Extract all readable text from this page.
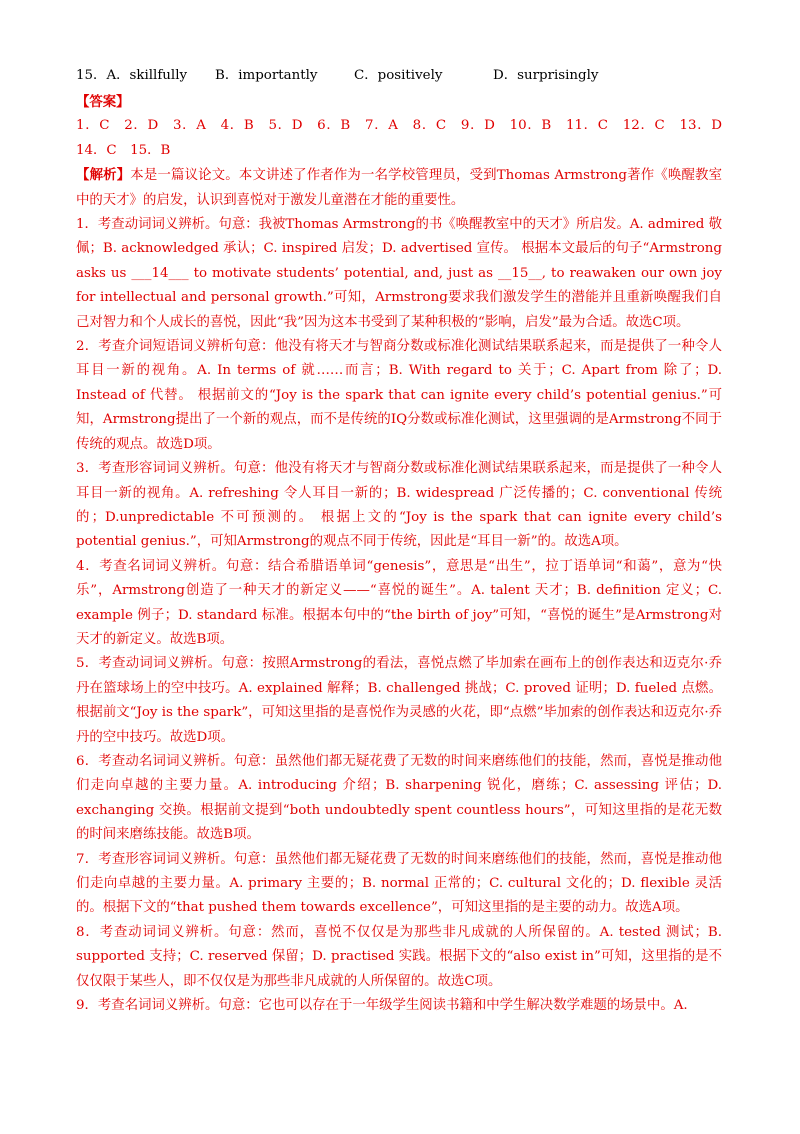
15．A．skillfully B．importantly	C．positively	D．surprisingly

【答案】

1．C　2．D　3．A　4．B　5．D　6．B　7．A　8．C　9．D　10．B　11．C　12．C　13．D　14．C　15．B

【解析】本是一篇议论文。本文讲述了作者作为一名学校管理员，受到Thomas Armstrong著作《唤醒教室中的天才》的启发，认识到喜悦对于激发儿童潜在才能的重要性。

1．考查动词词义辨析。句意：我被Thomas Armstrong的书《唤醒教室中的天才》所启发。A. admired 敬佩；B. acknowledged 承认；C. inspired 启发；D. advertised 宣传。 根据本文最后的句子“Armstrong asks us ___14___ to motivate students’ potential, and, just as __15__, to reawaken our own joy for intellectual and personal growth.”可知，Armstrong要求我们激发学生的潜能并且重新唤醒我们自己对智力和个人成长的喜悦，因此“我”因为这本书受到了某种积极的“影响，启发”最为合适。故选C项。

2．考查介词短语词义辨析句意：他没有将天才与智商分数或标准化测试结果联系起来，而是提供了一种令人耳目一新的视角。A. In terms of 就……而言；B. With regard to 关于；C. Apart from 除了；D. Instead of 代替。 根据前文的“Joy is the spark that can ignite every child’s potential genius.”可知，Armstrong提出了一个新的观点，而不是传统的IQ分数或标准化测试，这里强调的是Armstrong不同于传统的观点。故选D项。

3．考查形容词词义辨析。句意：他没有将天才与智商分数或标准化测试结果联系起来，而是提供了一种令人耳目一新的视角。A. refreshing 令人耳目一新的；B. widespread 广泛传播的；C. conventional 传统的；D.unpredictable 不可预测的。 根据上文的“Joy is the spark that can ignite every child’s potential genius.”，可知Armstrong的观点不同于传统，因此是“耳目一新”的。故选A项。

4．考查名词词义辨析。句意：结合希腊语单词“genesis”，意思是“出生”，拉丁语单词“和蔼”，意为“快乐”，Armstrong创造了一种天才的新定义——“喜悦的诞生”。A. talent 天才；B. definition 定义；C. example 例子；D. standard 标准。根据本句中的“the birth of joy”可知，“喜悦的诞生”是Armstrong对天才的新定义。故选B项。

5．考查动词词义辨析。句意：按照Armstrong的看法，喜悦点燃了毕加索在画布上的创作表达和迈克尔·乔丹在篮球场上的空中技巧。A. explained 解释；B. challenged 挑战；C. proved 证明；D. fueled 点燃。根据前文“Joy is the spark”，可知这里指的是喜悦作为灵感的火花，即“点燃”毕加索的创作表达和迈克尔·乔丹的空中技巧。故选D项。

6．考查动名词词义辨析。句意：虽然他们都无疑花费了无数的时间来磨练他们的技能，然而，喜悦是推动他们走向卓越的主要力量。A. introducing 介绍；B. sharpening 锐化，磨练；C. assessing 评估；D. exchanging 交换。根据前文提到“both undoubtedly spent countless hours”，可知这里指的是花无数的时间来磨练技能。故选B项。

7．考查形容词词义辨析。句意：虽然他们都无疑花费了无数的时间来磨练他们的技能，然而，喜悦是推动他们走向卓越的主要力量。A. primary 主要的；B. normal 正常的；C. cultural 文化的；D. flexible 灵活的。根据下文的“that pushed them towards excellence”，可知这里指的是主要的动力。故选A项。

8．考查动词词义辨析。句意：然而，喜悦不仅仅是为那些非凡成就的人所保留的。A. tested 测试；B. supported 支持；C. reserved 保留；D. practised 实践。根据下文的“also exist in”可知，这里指的是不仅仅限于某些人，即不仅仅是为那些非凡成就的人所保留的。故选C项。

9．考查名词词义辨析。句意：它也可以存在于一年级学生阅读书籍和中学生解决数学难题的场景中。A.
